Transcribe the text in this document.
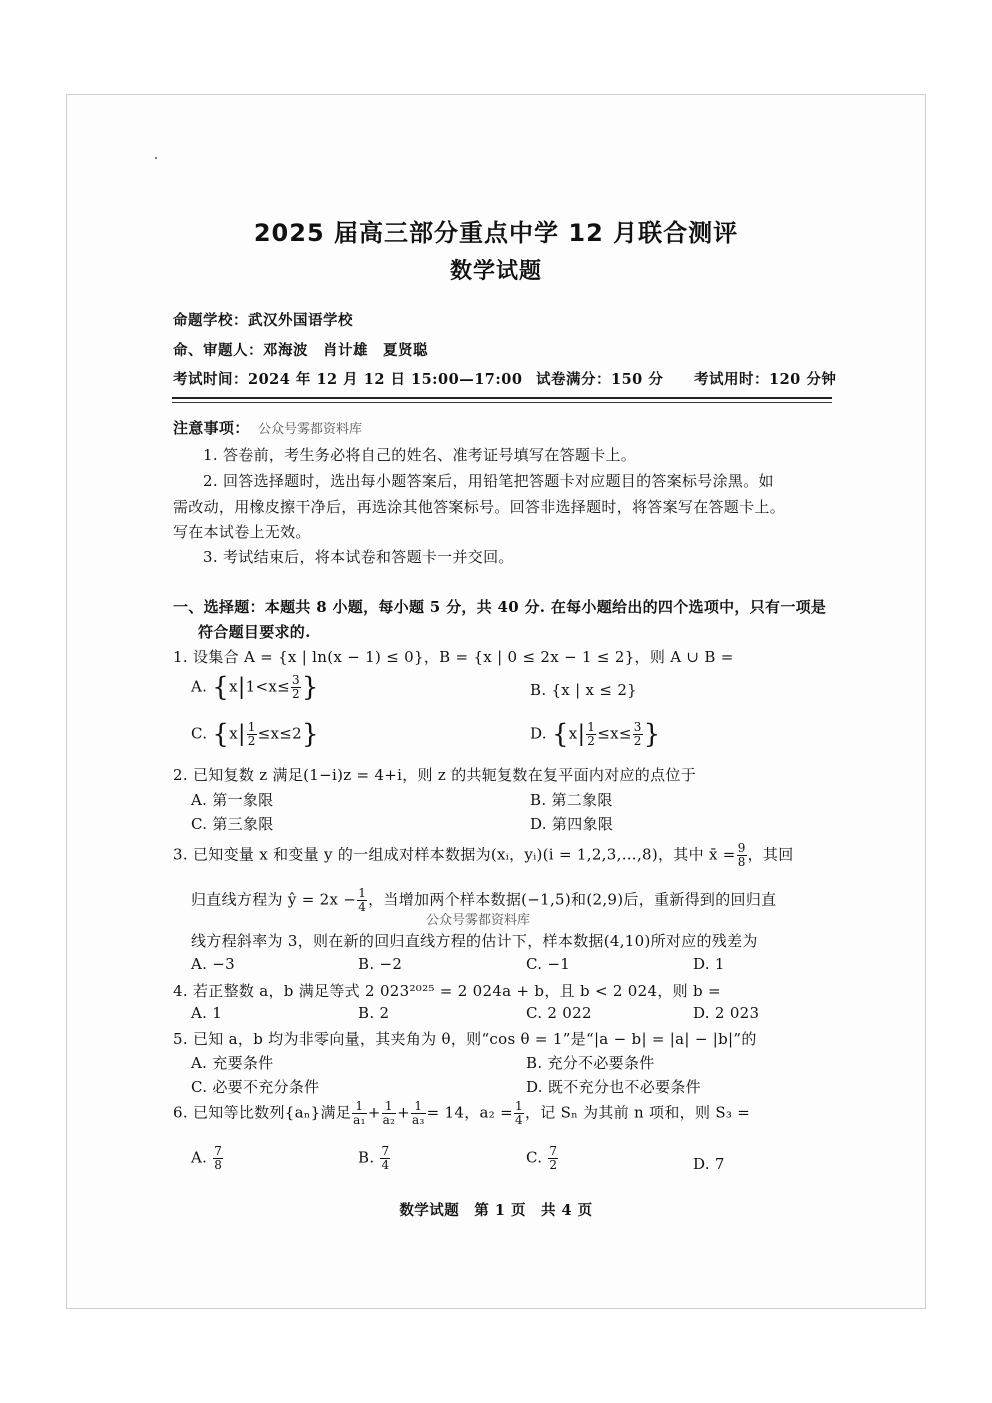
2025 届高三部分重点中学 12 月联合测评
数学试题
命题学校：武汉外国语学校
命、审题人：邓海波　肖计雄　夏贤聪
考试时间：2024 年 12 月 12 日 15:00—17:00 试卷满分：150 分 考试用时：120 分钟
注意事项： 公众号雾都资料库
1. 答卷前，考生务必将自己的姓名、准考证号填写在答题卡上。
2. 回答选择题时，选出每小题答案后，用铅笔把答题卡对应题目的答案标号涂黑。如
需改动，用橡皮擦干净后，再选涂其他答案标号。回答非选择题时，将答案写在答题卡上。
写在本试卷上无效。
3. 考试结束后，将本试卷和答题卡一并交回。
一、选择题：本题共 8 小题，每小题 5 分，共 40 分. 在每小题给出的四个选项中，只有一项是
符合题目要求的.
1. 设集合 A = {x | ln(x − 1) ≤ 0}，B = {x | 0 ≤ 2x − 1 ≤ 2}，则 A ∪ B =
A. {$x|1<x\le \frac{3}{2}$ }	B. {x | x ≤ 2}
C. $\{x| \frac{1}{2} \le x\le 2\}$	D. {$x| \frac{1}{2} \le x\le \frac{3}{2}$ }
2. 已知复数 z 满足(1−i)z = 4+i，则 z 的共轭复数在复平面内对应的点位于
A. 第一象限	B. 第二象限
C. 第三象限	D. 第四象限
3. 已知变量 x 和变量 y 的一组成对样本数据为(xᵢ，yᵢ)(i = 1,2,3,…,8)，其中 x̄ = $\frac{9}{8}$ ，其回
归直线方程为 ŷ = $2x - \frac{1}{4}$ ，当增加两个样本数据(−1,5)和(2,9)后，重新得到的回归直
公众号雾都资料库
线方程斜率为 3，则在新的回归直线方程的估计下，样本数据(4,10)所对应的残差为
A. −3	B. −2	C. −1	D. 1
4. 若正整数 a，b 满足等式 2 023²⁰²⁵ = 2 024a + b，且 b < 2 024，则 b =
A. 1	B. 2	C. 2 022	D. 2 023
5. 已知 a，b 均为非零向量，其夹角为 θ，则“cos θ = 1”是“|a − b| = |a| − |b|”的
A. 充要条件	B. 充分不必要条件
C. 必要不充分条件	D. 既不充分也不必要条件
6. 已知等比数列{aₙ}满足 $\frac{1}{\text{a₁}} + \frac{1}{\text{a₂}} + \frac{1}{\text{a₃}} = 14$，$a_2 = \frac{1}{4}$ ，记 Sₙ 为其前 n 项和，则 S₃ =
A. $\frac{7}{8}$	B. $\frac{7}{4}$	C. $\frac{7}{2}$	D. 7
数学试题　第 1 页　共 4 页
